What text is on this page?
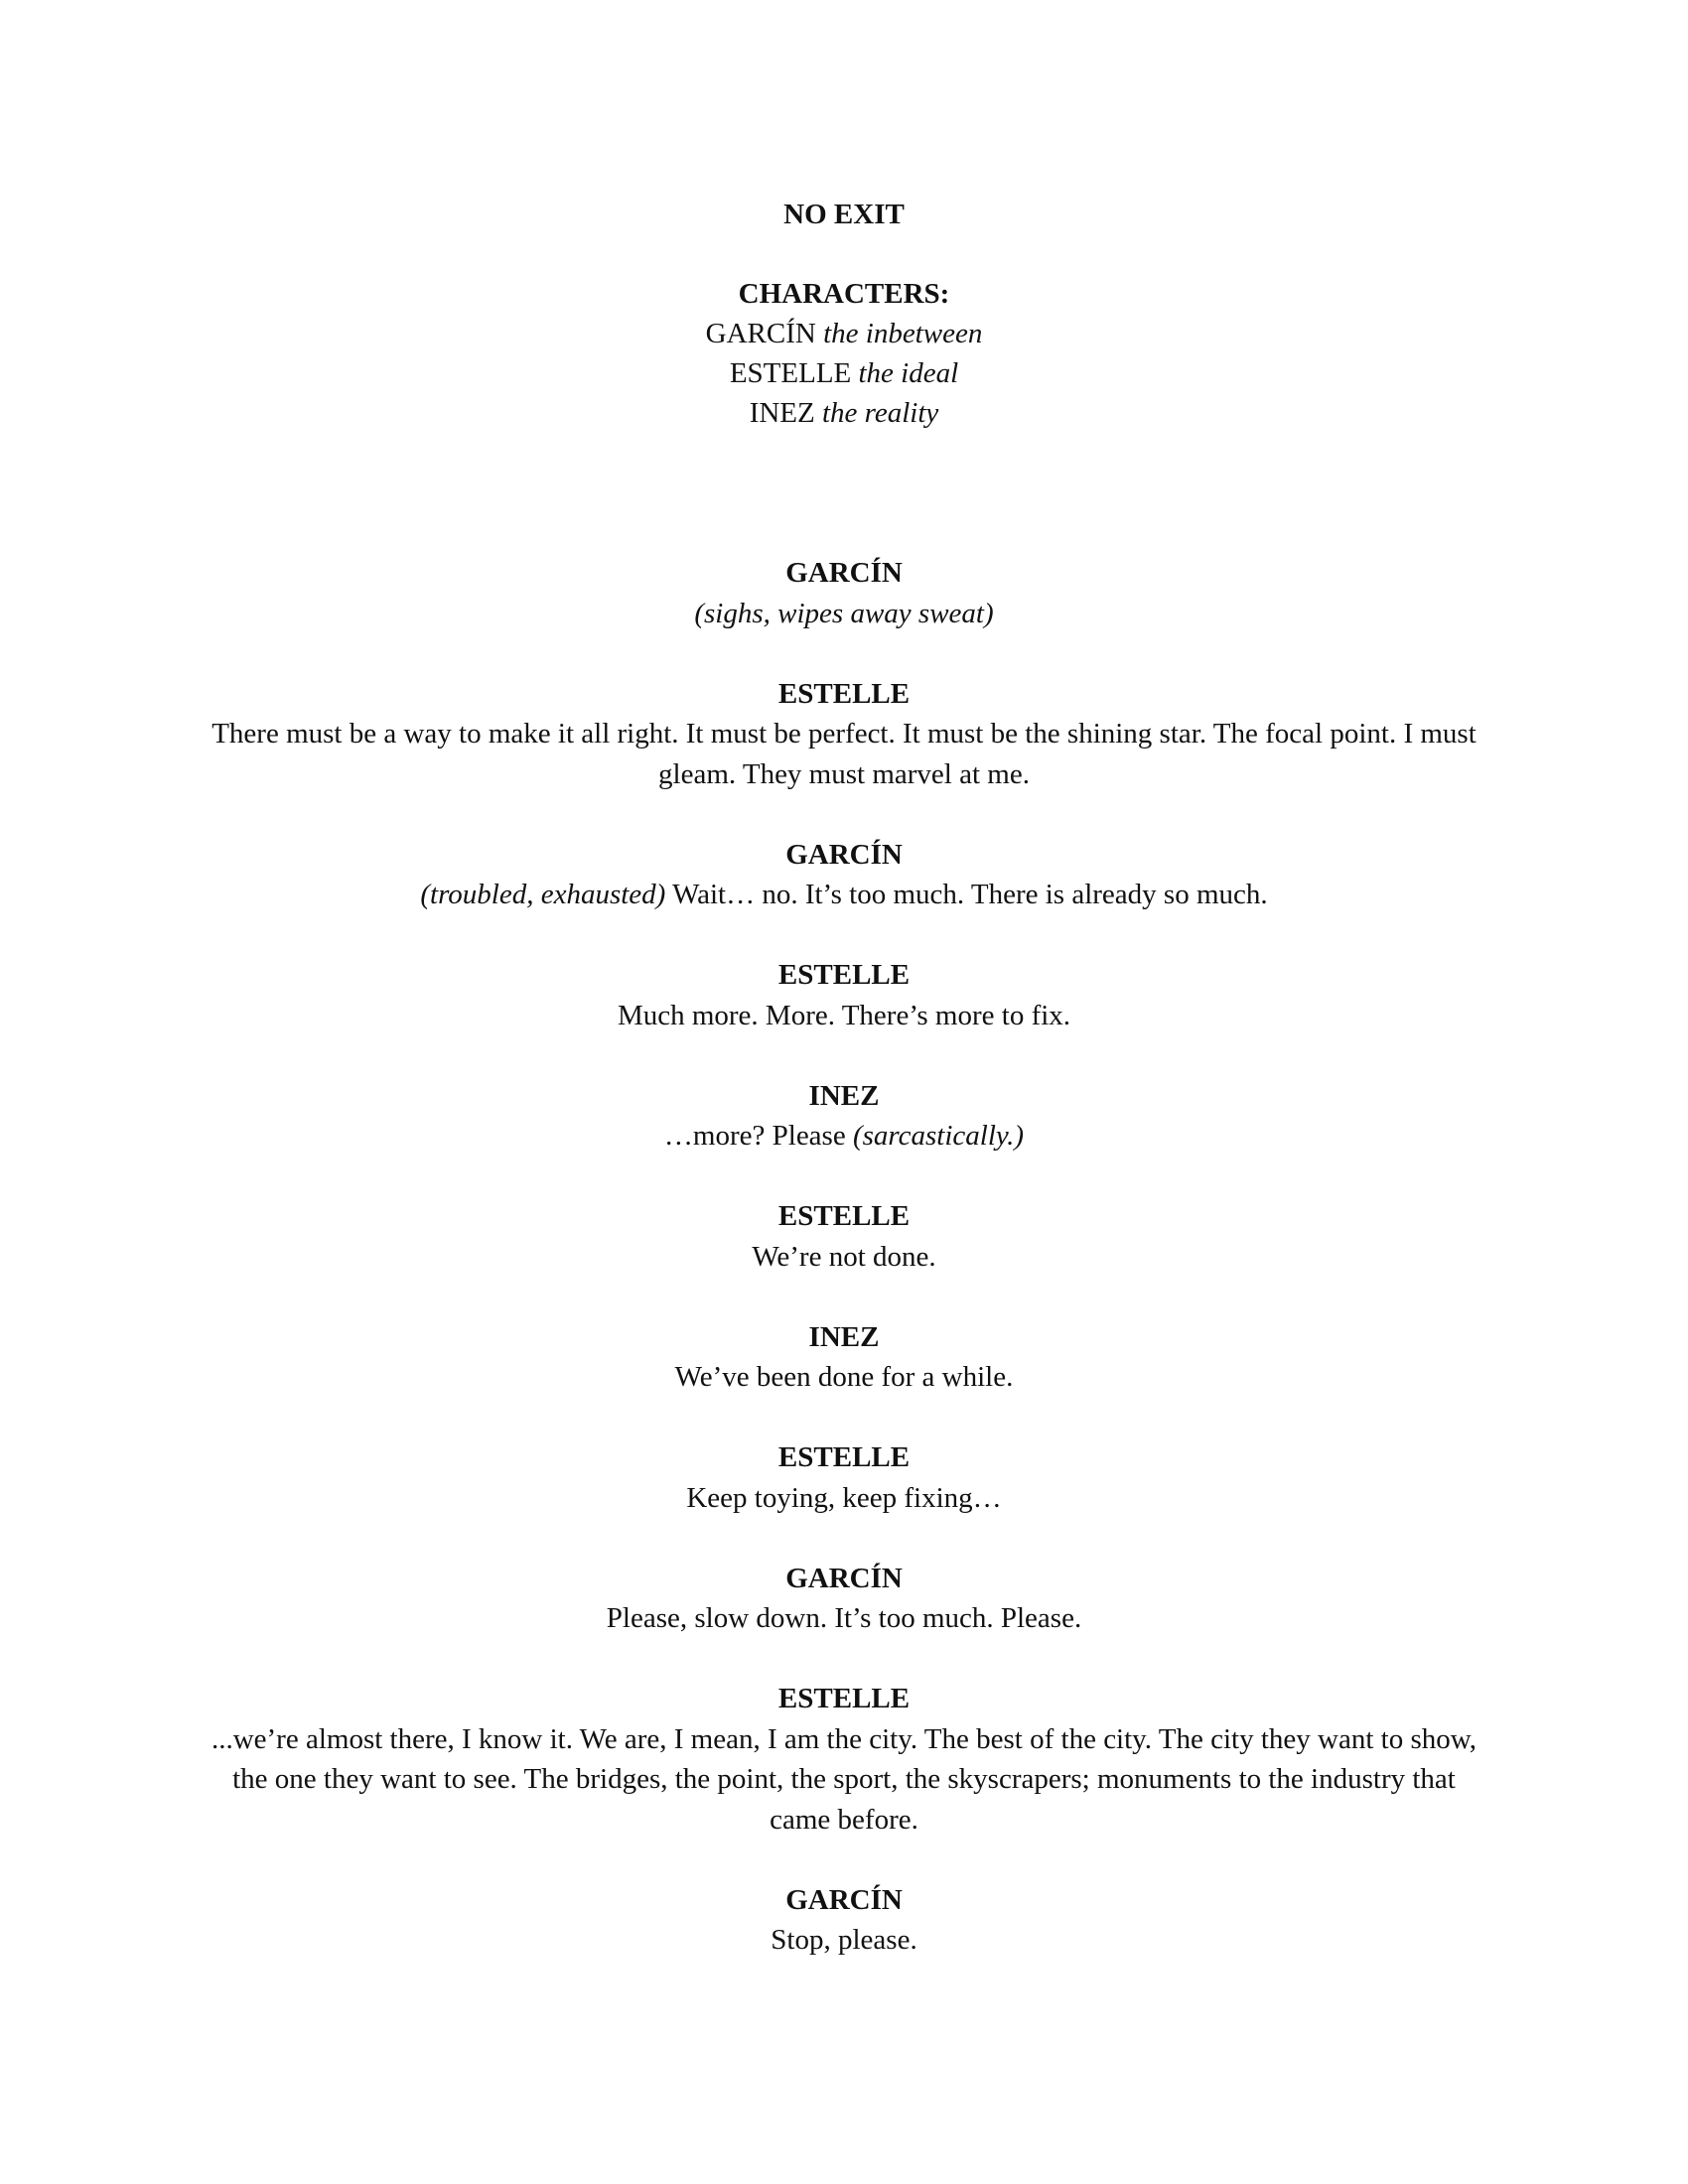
NO EXIT
CHARACTERS:
GARCÍN the inbetween
ESTELLE the ideal
INEZ the reality
GARCÍN
(sighs, wipes away sweat)
ESTELLE
There must be a way to make it all right. It must be perfect. It must be the shining star. The focal point. I must gleam. They must marvel at me.
GARCÍN
(troubled, exhausted) Wait… no. It’s too much. There is already so much.
ESTELLE
Much more. More. There’s more to fix.
INEZ
…more? Please (sarcastically.)
ESTELLE
We’re not done.
INEZ
We’ve been done for a while.
ESTELLE
Keep toying, keep fixing…
GARCÍN
Please, slow down. It’s too much. Please.
ESTELLE
...we’re almost there, I know it. We are, I mean, I am the city. The best of the city. The city they want to show, the one they want to see. The bridges, the point, the sport, the skyscrapers; monuments to the industry that came before.
GARCÍN
Stop, please.
